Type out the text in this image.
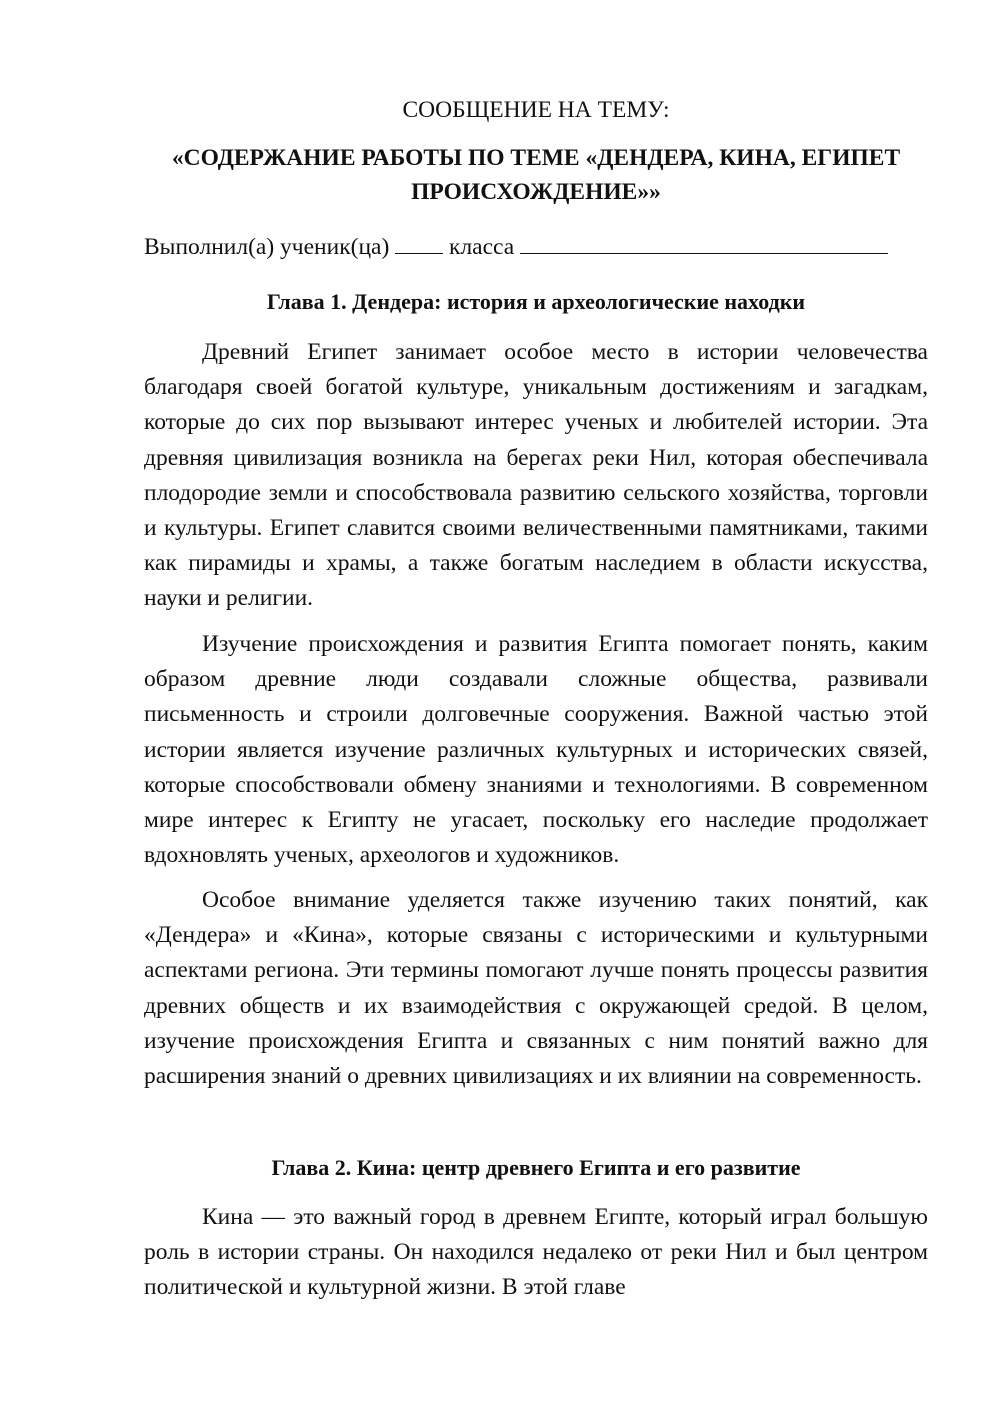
СООБЩЕНИЕ НА ТЕМУ:
«СОДЕРЖАНИЕ РАБОТЫ ПО ТЕМЕ «ДЕНДЕРА, КИНА, ЕГИПЕТ
ПРОИСХОЖДЕНИЕ»»
Выполнил(а) ученик(ца)	класса
Глава 1. Дендера: история и археологические находки

Древний Египет занимает особое место в истории человечества благодаря своей богатой культуре, уникальным достижениям и загадкам, которые до сих пор вызывают интерес ученых и любителей истории. Эта древняя цивилизация возникла на берегах реки Нил, которая обеспечивала плодородие земли и способствовала развитию сельского хозяйства, торговли и культуры. Египет славится своими величественными памятниками, такими как пирамиды и храмы, а также богатым наследием в области искусства, науки и религии.

Изучение происхождения и развития Египта помогает понять, каким образом древние люди создавали сложные общества, развивали письменность и строили долговечные сооружения. Важной частью этой истории является изучение различных культурных и исторических связей, которые способствовали обмену знаниями и технологиями. В современном мире интерес к Египту не угасает, поскольку его наследие продолжает вдохновлять ученых, археологов и художников.

Особое внимание уделяется также изучению таких понятий, как «Дендера» и «Кина», которые связаны с историческими и культурными аспектами региона. Эти термины помогают лучше понять процессы развития древних обществ и их взаимодействия с окружающей средой. В целом, изучение происхождения Египта и связанных с ним понятий важно для расширения знаний о древних цивилизациях и их влиянии на современность.

Глава 2. Кина: центр древнего Египта и его развитие

Кина — это важный город в древнем Египте, который играл большую роль в истории страны. Он находился недалеко от реки Нил и был центром политической и культурной жизни. В этой главе
